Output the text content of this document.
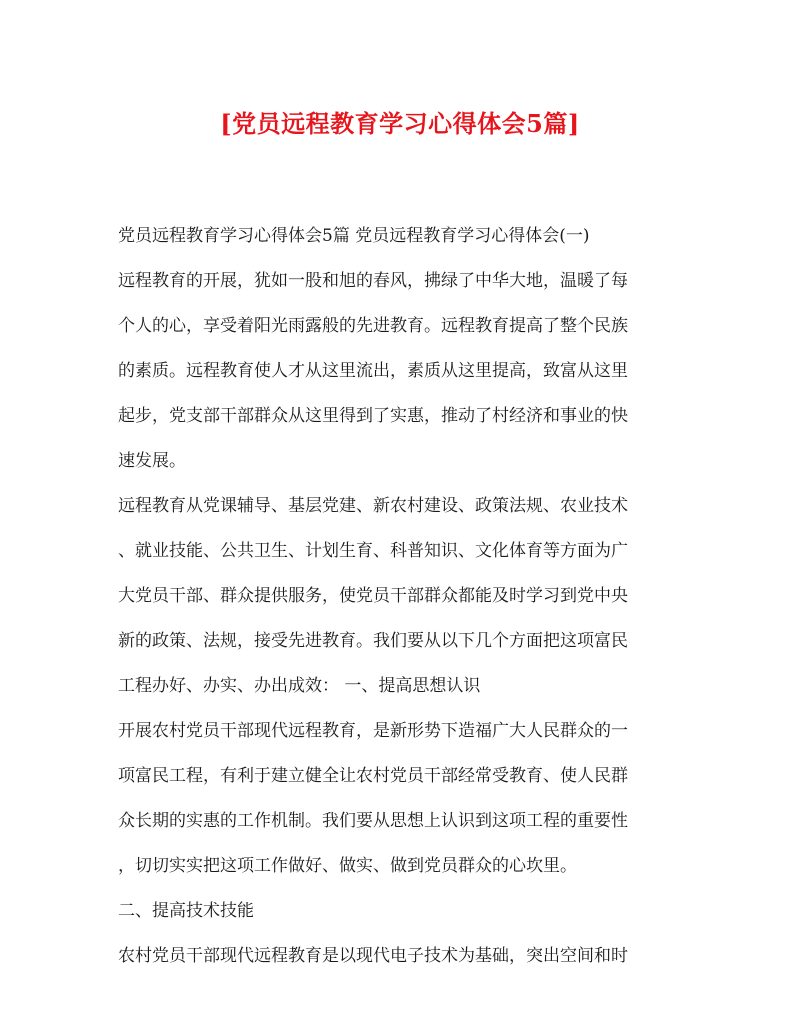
[党员远程教育学习心得体会5篇]
党员远程教育学习心得体会5篇 党员远程教育学习心得体会(一)
远程教育的开展，犹如一股和旭的春风，拂绿了中华大地，温暖了每
个人的心，享受着阳光雨露般的先进教育。远程教育提高了整个民族
的素质。远程教育使人才从这里流出，素质从这里提高，致富从这里
起步，党支部干部群众从这里得到了实惠，推动了村经济和事业的快
速发展。
远程教育从党课辅导、基层党建、新农村建设、政策法规、农业技术
、就业技能、公共卫生、计划生育、科普知识、文化体育等方面为广
大党员干部、群众提供服务，使党员干部群众都能及时学习到党中央
新的政策、法规，接受先进教育。我们要从以下几个方面把这项富民
工程办好、办实、办出成效： 一、提高思想认识
开展农村党员干部现代远程教育，是新形势下造福广大人民群众的一
项富民工程，有利于建立健全让农村党员干部经常受教育、使人民群
众长期的实惠的工作机制。我们要从思想上认识到这项工程的重要性
，切切实实把这项工作做好、做实、做到党员群众的心坎里。
二、提高技术技能
农村党员干部现代远程教育是以现代电子技术为基础，突出空间和时
